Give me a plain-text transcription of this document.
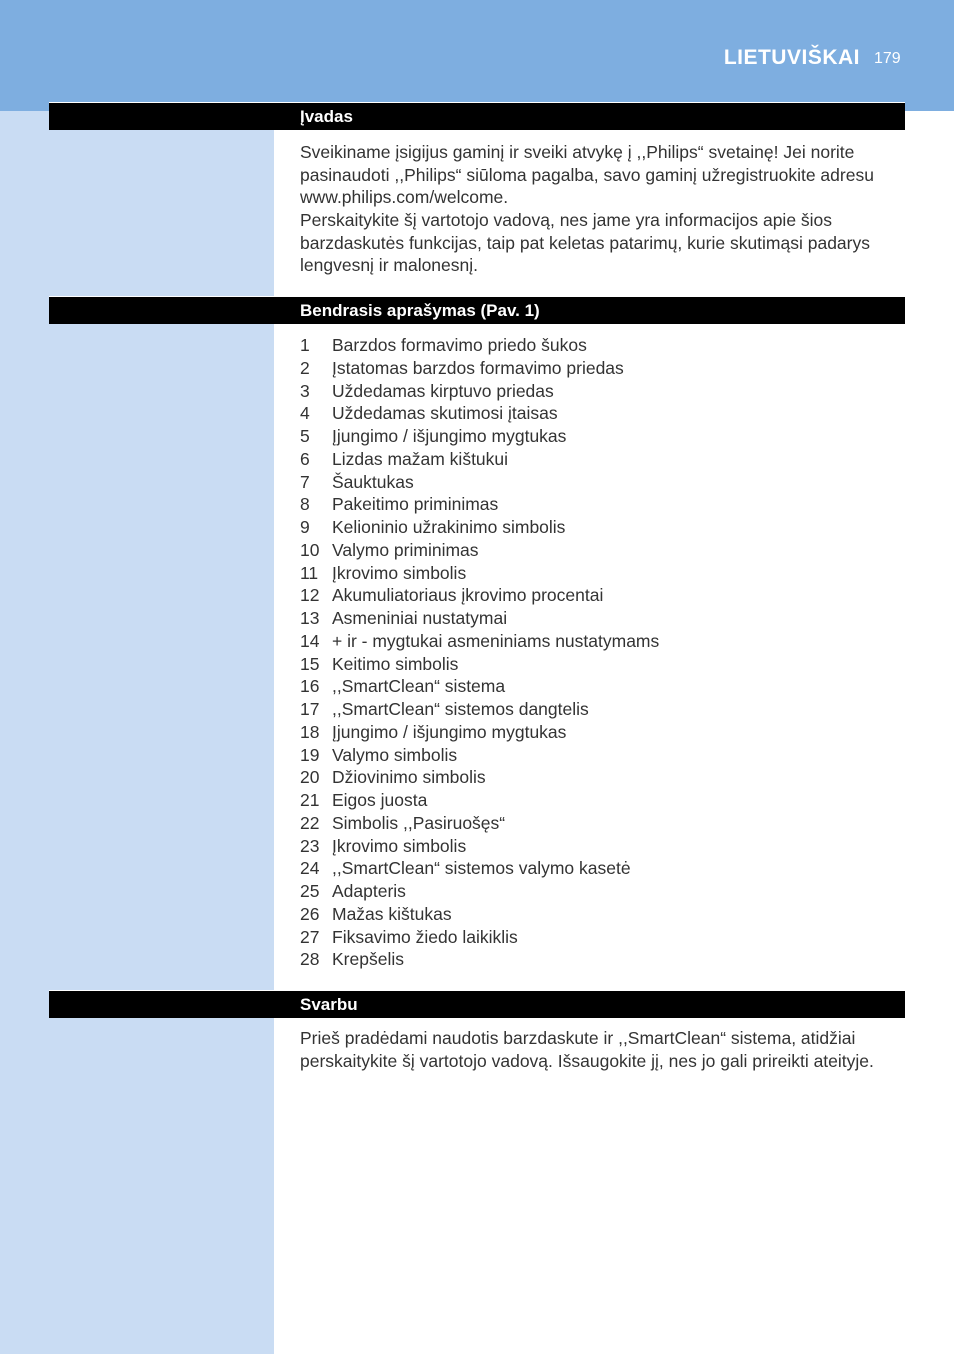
LIETUVIŠKAI 179
Įvadas

Sveikiname įsigijus gaminį ir sveiki atvykę į ,,Philips“ svetainę! Jei norite pasinaudoti ,,Philips“ siūloma pagalba, savo gaminį užregistruokite adresu www.philips.com/welcome.

Perskaitykite šį vartotojo vadovą, nes jame yra informacijos apie šios barzdaskutės funkcijas, taip pat keletas patarimų, kurie skutimąsi padarys lengvesnį ir malonesnį.

Bendrasis aprašymas (Pav. 1)
1	Barzdos formavimo priedo šukos
2	Įstatomas barzdos formavimo priedas
3	Uždedamas kirptuvo priedas
4	Uždedamas skutimosi įtaisas
5	Įjungimo / išjungimo mygtukas
6	Lizdas mažam kištukui
7	Šauktukas
8	Pakeitimo priminimas
9	Kelioninio užrakinimo simbolis
10 Valymo priminimas
11 Įkrovimo simbolis
12 Akumuliatoriaus įkrovimo procentai
13 Asmeniniai nustatymai
14 + ir - mygtukai asmeniniams nustatymams
15 Keitimo simbolis
16 ,,SmartClean“ sistema
17 ,,SmartClean“ sistemos dangtelis
18 Įjungimo / išjungimo mygtukas
19 Valymo simbolis
20 Džiovinimo simbolis
21 Eigos juosta
22 Simbolis ,,Pasiruošęs“
23 Įkrovimo simbolis
24 ,,SmartClean“ sistemos valymo kasetė
25 Adapteris
26 Mažas kištukas
27 Fiksavimo žiedo laikiklis
28 Krepšelis
Svarbu

Prieš pradėdami naudotis barzdaskute ir ,,SmartClean“ sistema, atidžiai perskaitykite šį vartotojo vadovą. Išsaugokite jį, nes jo gali prireikti ateityje.
